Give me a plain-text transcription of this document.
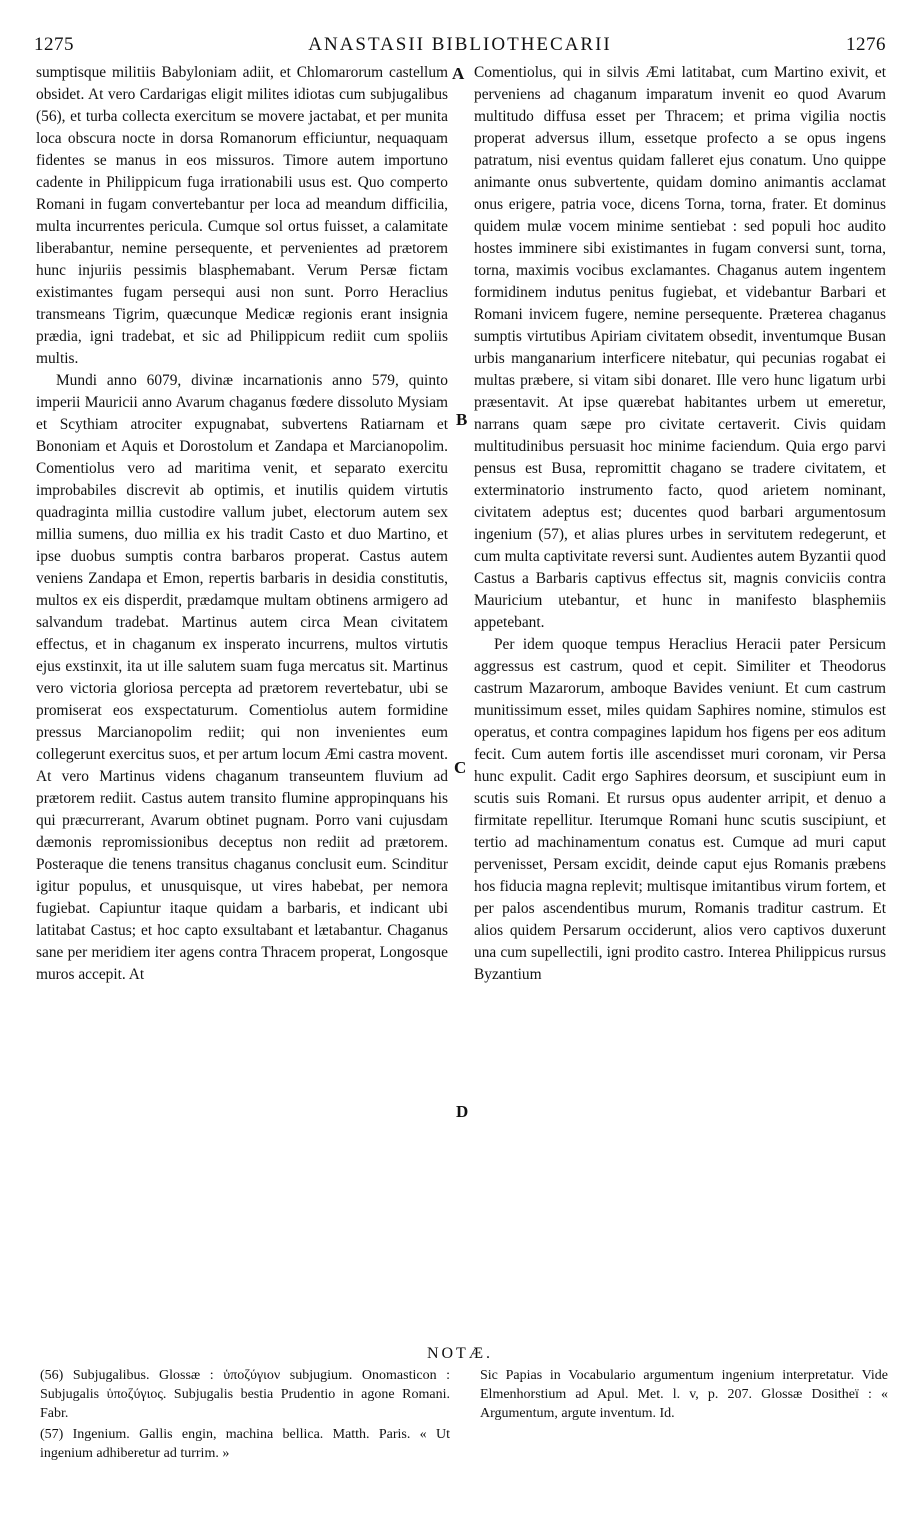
1275	ANASTASII BIBLIOTHECARII	1276

sumptisque militiis Babyloniam adiit, et Chlomarorum castellum obsidet. At vero Cardarigas eligit milites idiotas cum subjugalibus (56), et turba collecta exercitum se movere jactabat, et per munita loca obscura nocte in dorsa Romanorum efficiuntur, nequaquam fidentes se manus in eos missuros. Timore autem importuno cadente in Philippicum fuga irrationabili usus est. Quo comperto Romani in fugam convertebantur per loca ad meandum difficilia, multa incurrentes pericula. Cumque sol ortus fuisset, a calamitate liberabantur, nemine persequente, et pervenientes ad prætorem hunc injuriis pessimis blasphemabant. Verum Persæ fictam existimantes fugam persequi ausi non sunt. Porro Heraclius transmeans Tigrim, quæcunque Medicæ regionis erant insignia prædia, igni tradebat, et sic ad Philippicum rediit cum spoliis multis.

Mundi anno 6079, divinæ incarnationis anno 579, quinto imperii Mauricii anno Avarum chaganus fœdere dissoluto Mysiam et Scythiam atrociter expugnabat, subvertens Ratiarnam et Bononiam et Aquis et Dorostolum et Zandapa et Marcianopolim. Comentiolus vero ad maritima venit, et separato exercitu improbabiles discrevit ab optimis, et inutilis quidem virtutis quadraginta millia custodire vallum jubet, electorum autem sex millia sumens, duo millia ex his tradit Casto et duo Martino, et ipse duobus sumptis contra barbaros properat. Castus autem veniens Zandapa et Emon, repertis barbaris in desidia constitutis, multos ex eis disperdit, prædamque multam obtinens armigero ad salvandum tradebat. Martinus autem circa Mean civitatem effectus, et in chaganum ex insperato incurrens, multos virtutis ejus exstinxit, ita ut ille salutem suam fuga mercatus sit. Martinus vero victoria gloriosa percepta ad prætorem revertebatur, ubi se promiserat eos exspectaturum. Comentiolus autem formidine pressus Marcianopolim rediit; qui non invenientes eum collegerunt exercitus suos, et per artum locum Æmi castra movent. At vero Martinus videns chaganum transeuntem fluvium ad prætorem rediit. Castus autem transito flumine appropinquans his qui præcurrerant, Avarum obtinet pugnam. Porro vani cujusdam dæmonis repromissionibus deceptus non rediit ad prætorem. Posteraque die tenens transitus chaganus conclusit eum. Scinditur igitur populus, et unusquisque, ut vires habebat, per nemora fugiebat. Capiuntur itaque quidam a barbaris, et indicant ubi latitabat Castus; et hoc capto exsultabant et lætabantur. Chaganus sane per meridiem iter agens contra Thracem properat, Longosque muros accepit. At

A
B
C
D

Comentiolus, qui in silvis Æmi latitabat, cum Martino exivit, et perveniens ad chaganum imparatum invenit eo quod Avarum multitudo diffusa esset per Thracem; et prima vigilia noctis properat adversus illum, essetque profecto a se opus ingens patratum, nisi eventus quidam falleret ejus conatum. Uno quippe animante onus subvertente, quidam domino animantis acclamat onus erigere, patria voce, dicens Torna, torna, frater. Et dominus quidem mulæ vocem minime sentiebat : sed populi hoc audito hostes imminere sibi existimantes in fugam conversi sunt, torna, torna, maximis vocibus exclamantes. Chaganus autem ingentem formidinem indutus penitus fugiebat, et videbantur Barbari et Romani invicem fugere, nemine persequente. Præterea chaganus sumptis virtutibus Apiriam civitatem obsedit, inventumque Busan urbis manganarium interficere nitebatur, qui pecunias rogabat ei multas præbere, si vitam sibi donaret. Ille vero hunc ligatum urbi præsentavit. At ipse quærebat habitantes urbem ut emeretur, narrans quam sæpe pro civitate certaverit. Civis quidam multitudinibus persuasit hoc minime faciendum. Quia ergo parvi pensus est Busa, repromittit chagano se tradere civitatem, et exterminatorio instrumento facto, quod arietem nominant, civitatem adeptus est; ducentes quod barbari argumentosum ingenium (57), et alias plures urbes in servitutem redegerunt, et cum multa captivitate reversi sunt. Audientes autem Byzantii quod Castus a Barbaris captivus effectus sit, magnis conviciis contra Mauricium utebantur, et hunc in manifesto blasphemiis appetebant.

Per idem quoque tempus Heraclius Heracii pater Persicum aggressus est castrum, quod et cepit. Similiter et Theodorus castrum Mazarorum, amboque Bavides veniunt. Et cum castrum munitissimum esset, miles quidam Saphires nomine, stimulos est operatus, et contra compagines lapidum hos figens per eos aditum fecit. Cum autem fortis ille ascendisset muri coronam, vir Persa hunc expulit. Cadit ergo Saphires deorsum, et suscipiunt eum in scutis suis Romani. Et rursus opus audenter arripit, et denuo a firmitate repellitur. Iterumque Romani hunc scutis suscipiunt, et tertio ad machinamentum conatus est. Cumque ad muri caput pervenisset, Persam excidit, deinde caput ejus Romanis præbens hos fiducia magna replevit; multisque imitantibus virum fortem, et per palos ascendentibus murum, Romanis traditur castrum. Et alios quidem Persarum occiderunt, alios vero captivos duxerunt una cum supellectili, igni prodito castro. Interea Philippicus rursus Byzantium

NOTÆ.

(56) Subjugalibus. Glossæ : ὑποζύγιον subjugium. Onomasticon : Subjugalis ὑποζύγιος. Subjugalis bestia Prudentio in agone Romani. Fabr.

(57) Ingenium. Gallis engin, machina bellica. Matth. Paris. « Ut ingenium adhiberetur ad turrim. »

Sic Papias in Vocabulario argumentum ingenium interpretatur. Vide Elmenhorstium ad Apul. Met. l. v, p. 207. Glossæ Dositheï : « Argumentum, argute inventum. Id.
